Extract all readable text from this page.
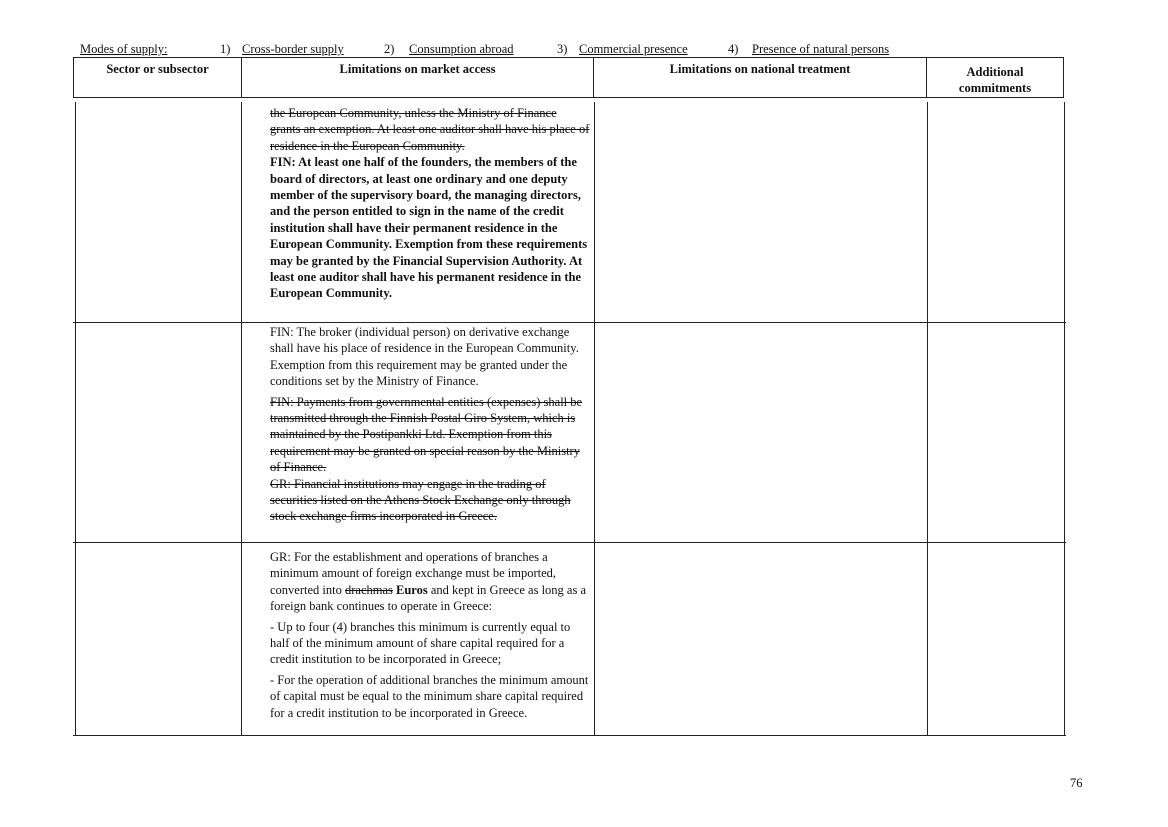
Modes of supply:	1) Cross-border supply	2) Consumption abroad	3) Commercial presence	4) Presence of natural persons
Sector or subsector	Limitations on market access	Limitations on national treatment	Additional commitments

the European Community, unless the Ministry of Finance grants an exemption. At least one auditor shall have his place of residence in the European Community.

FIN: At least one half of the founders, the members of the board of directors, at least one ordinary and one deputy member of the supervisory board, the managing directors, and the person entitled to sign in the name of the credit institution shall have their permanent residence in the European Community. Exemption from these requirements may be granted by the Financial Supervision Authority. At least one auditor shall have his permanent residence in the European Community.

FIN: The broker (individual person) on derivative exchange shall have his place of residence in the European Community. Exemption from this requirement may be granted under the conditions set by the Ministry of Finance.

FIN: Payments from governmental entities (expenses) shall be transmitted through the Finnish Postal Giro System, which is maintained by the Postipankki Ltd. Exemption from this requirement may be granted on special reason by the Ministry of Finance.

GR: Financial institutions may engage in the trading of securities listed on the Athens Stock Exchange only through stock exchange firms incorporated in Greece.

GR: For the establishment and operations of branches a minimum amount of foreign exchange must be imported, converted into drachmas Euros and kept in Greece as long as a foreign bank continues to operate in Greece:

- Up to four (4) branches this minimum is currently equal to half of the minimum amount of share capital required for a credit institution to be incorporated in Greece;

- For the operation of additional branches the minimum amount of capital must be equal to the minimum share capital required for a credit institution to be incorporated in Greece.

76
